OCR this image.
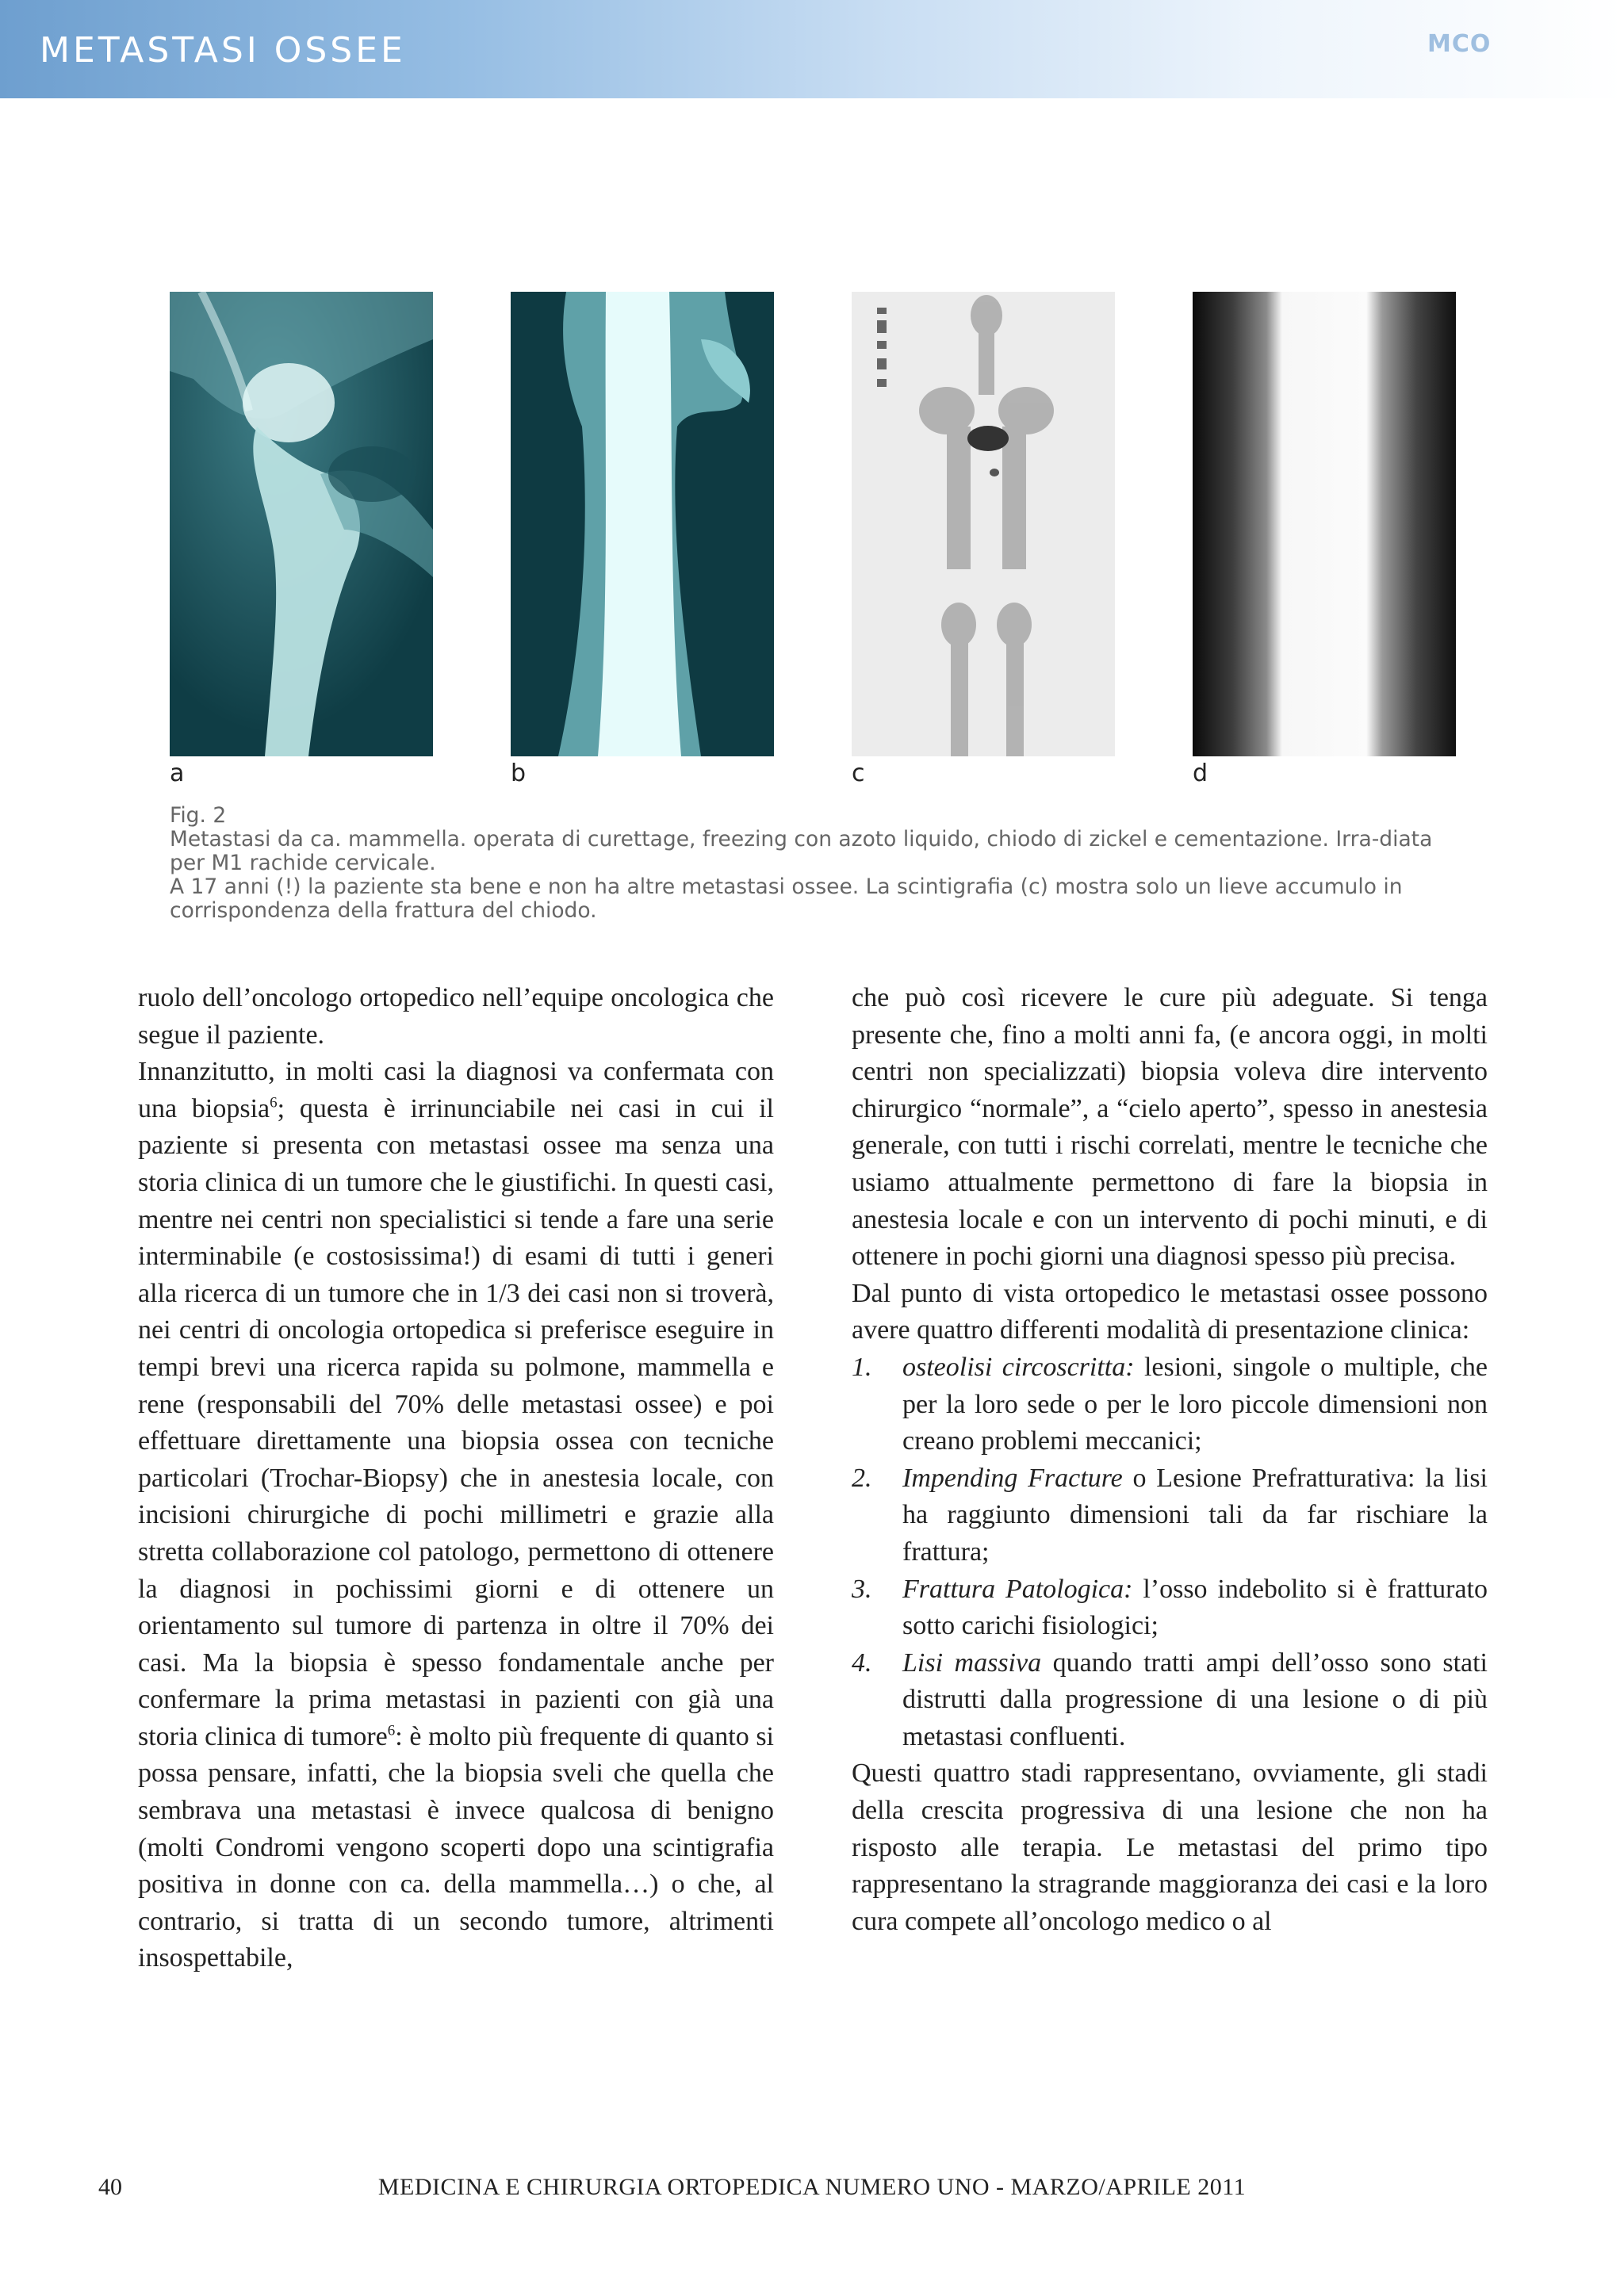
METASTASI OSSEE	MCO
a	b	c	d

Fig. 2

Metastasi da ca. mammella. operata di curettage, freezing con azoto liquido, chiodo di zickel e cementazione. Irra-diata per M1 rachide cervicale.

A 17 anni (!) la paziente sta bene e non ha altre metastasi ossee. La scintigrafia (c) mostra solo un lieve accumulo in corrispondenza della frattura del chiodo.

ruolo dell’oncologo ortopedico nell’equipe oncologica che segue il paziente.

Innanzitutto, in molti casi la diagnosi va confermata con una biopsia$^6$; questa è irrinunciabile nei casi in cui il paziente si presenta con metastasi ossee ma senza una storia clinica di un tumore che le giustifichi. In questi casi, mentre nei centri non specialistici si tende a fare una serie interminabile (e costosissima!) di esami di tutti i generi alla ricerca di un tumore che in 1/3 dei casi non si troverà, nei centri di oncologia ortopedica si preferisce eseguire in tempi brevi una ricerca rapida su polmone, mammella e rene (responsabili del 70% delle metastasi ossee) e poi effettuare direttamente una biopsia ossea con tecniche particolari (Trochar-Biopsy) che in anestesia locale, con incisioni chirurgiche di pochi millimetri e grazie alla stretta collaborazione col patologo, permettono di ottenere la diagnosi in pochissimi giorni e di ottenere un orientamento sul tumore di partenza in oltre il 70% dei casi. Ma la biopsia è spesso fondamentale anche per confermare la prima metastasi in pazienti con già una storia clinica di tumore$^6$: è molto più frequente di quanto si possa pensare, infatti, che la biopsia sveli che quella che sembrava una metastasi è invece qualcosa di benigno (molti Condromi vengono scoperti dopo una scintigrafia positiva in donne con ca. della mammella…) o che, al contrario, si tratta di un secondo tumore, altrimenti insospettabile,

che può così ricevere le cure più adeguate. Si tenga presente che, fino a molti anni fa, (e ancora oggi, in molti centri non specializzati) biopsia voleva dire intervento chirurgico “normale”, a “cielo aperto”, spesso in anestesia generale, con tutti i rischi correlati, mentre le tecniche che usiamo attualmente permettono di fare la biopsia in anestesia locale e con un intervento di pochi minuti, e di ottenere in pochi giorni una diagnosi spesso più precisa.

Dal punto di vista ortopedico le metastasi ossee possono avere quattro differenti modalità di presentazione clinica:

1. osteolisi circoscritta: lesioni, singole o multiple, che per la loro sede o per le loro piccole dimensioni non creano problemi meccanici;
2. Impending Fracture o Lesione Prefratturativa: la lisi ha raggiunto dimensioni tali da far rischiare la frattura;
3. Frattura Patologica: l’osso indebolito si è fratturato sotto carichi fisiologici;
4. Lisi massiva quando tratti ampi dell’osso sono stati distrutti dalla progressione di una lesione o di più metastasi confluenti.

Questi quattro stadi rappresentano, ovviamente, gli stadi della crescita progressiva di una lesione che non ha risposto alle terapia. Le metastasi del primo tipo rappresentano la stragrande maggioranza dei casi e la loro cura compete all’oncologo medico o al

MEDICINA E CHIRURGIA ORTOPEDICA NUMERO UNO - MARZO/APRILE 2011
40
